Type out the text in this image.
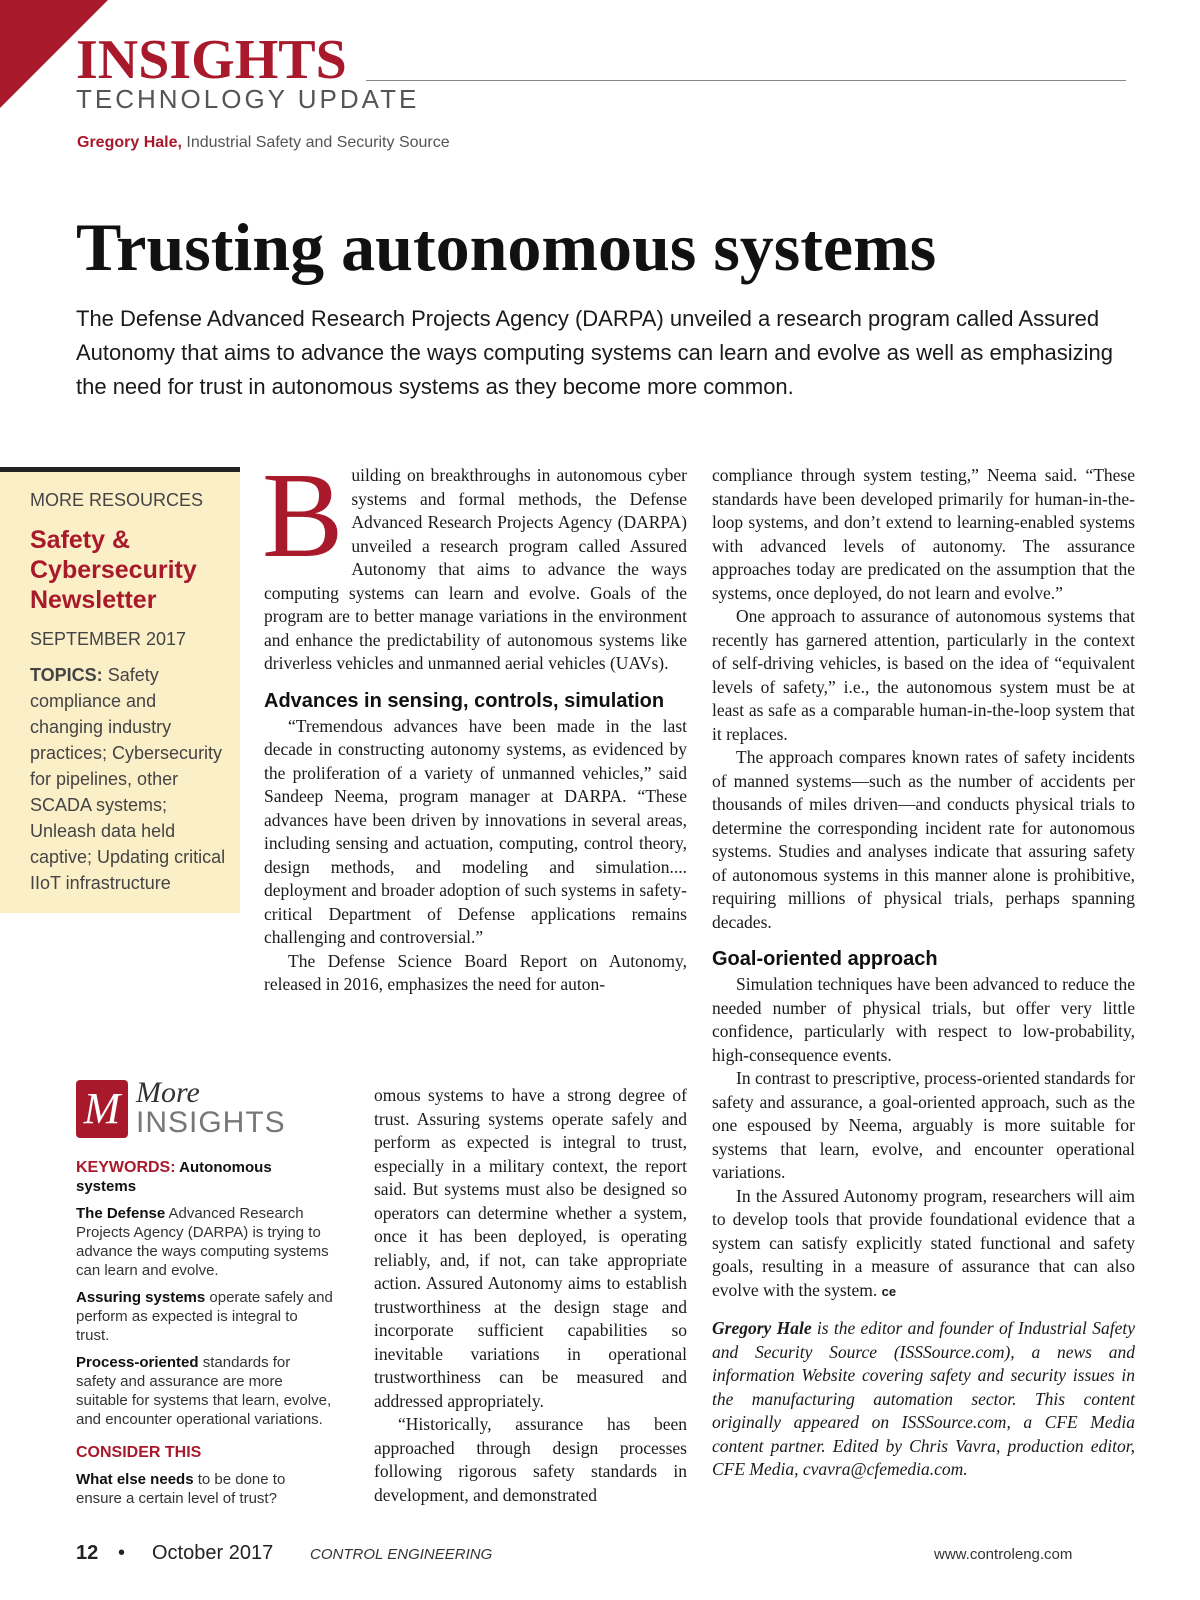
INSIGHTS
TECHNOLOGY UPDATE
Gregory Hale, Industrial Safety and Security Source
Trusting autonomous systems
The Defense Advanced Research Projects Agency (DARPA) unveiled a research program called Assured Autonomy that aims to advance the ways computing systems can learn and evolve as well as emphasizing the need for trust in autonomous systems as they become more common.
MORE RESOURCES
Safety & Cybersecurity Newsletter
SEPTEMBER 2017
TOPICS: Safety compliance and changing industry practices; Cybersecurity for pipelines, other SCADA systems; Unleash data held captive; Updating critical IIoT infrastructure
M More
INSIGHTS

KEYWORDS: Autonomous systems

The Defense Advanced Research Projects Agency (DARPA) is trying to advance the ways computing systems can learn and evolve.

Assuring systems operate safely and perform as expected is integral to trust.

Process-oriented standards for safety and assurance are more suitable for systems that learn, evolve, and encounter operational variations.

CONSIDER THIS

What else needs to be done to ensure a certain level of trust?

B uilding on breakthroughs in autonomous cyber systems and formal methods, the Defense Advanced Research Projects Agency (DARPA) unveiled a research program called Assured Autonomy that aims to advance the ways computing systems can learn and evolve. Goals of the program are to better manage variations in the environment and enhance the predictability of autonomous systems like driverless vehicles and unmanned aerial vehicles (UAVs).

Advances in sensing, controls, simulation

“Tremendous advances have been made in the last decade in constructing autonomy systems, as evidenced by the proliferation of a variety of unmanned vehicles,” said Sandeep Neema, program manager at DARPA. “These advances have been driven by innovations in several areas, including sensing and actuation, computing, control theory, design methods, and modeling and simulation.... deployment and broader adoption of such systems in safety-critical Department of Defense applications remains challenging and controversial.”

The Defense Science Board Report on Autonomy, released in 2016, emphasizes the need for auton-

omous systems to have a strong degree of trust. Assuring systems operate safely and perform as expected is integral to trust, especially in a military context, the report said. But systems must also be designed so operators can determine whether a system, once it has been deployed, is operating reliably, and, if not, can take appropriate action. Assured Autonomy aims to establish trustworthiness at the design stage and incorporate sufficient capabilities so inevitable variations in operational trustworthiness can be measured and addressed appropriately.

“Historically, assurance has been approached through design processes following rigorous safety standards in development, and demonstrated

compliance through system testing,” Neema said. “These standards have been developed primarily for human-in-the-loop systems, and don’t extend to learning-enabled systems with advanced levels of autonomy. The assurance approaches today are predicated on the assumption that the systems, once deployed, do not learn and evolve.”

One approach to assurance of autonomous systems that recently has garnered attention, particularly in the context of self-driving vehicles, is based on the idea of “equivalent levels of safety,” i.e., the autonomous system must be at least as safe as a comparable human-in-the-loop system that it replaces.

The approach compares known rates of safety incidents of manned systems—such as the number of accidents per thousands of miles driven—and conducts physical trials to determine the corresponding incident rate for autonomous systems. Studies and analyses indicate that assuring safety of autonomous systems in this manner alone is prohibitive, requiring millions of physical trials, perhaps spanning decades.

Goal-oriented approach

Simulation techniques have been advanced to reduce the needed number of physical trials, but offer very little confidence, particularly with respect to low-probability, high-consequence events.

In contrast to prescriptive, process-oriented standards for safety and assurance, a goal-oriented approach, such as the one espoused by Neema, arguably is more suitable for systems that learn, evolve, and encounter operational variations.

In the Assured Autonomy program, researchers will aim to develop tools that provide foundational evidence that a system can satisfy explicitly stated functional and safety goals, resulting in a measure of assurance that can also evolve with the system. ce

Gregory Hale is the editor and founder of Industrial Safety and Security Source (ISSSource.com), a news and information Website covering safety and security issues in the manufacturing automation sector. This content originally appeared on ISSSource.com, a CFE Media content partner. Edited by Chris Vavra, production editor, CFE Media, cvavra@cfemedia.com.

12 • October 2017 CONTROL ENGINEERING	www.controleng.com
